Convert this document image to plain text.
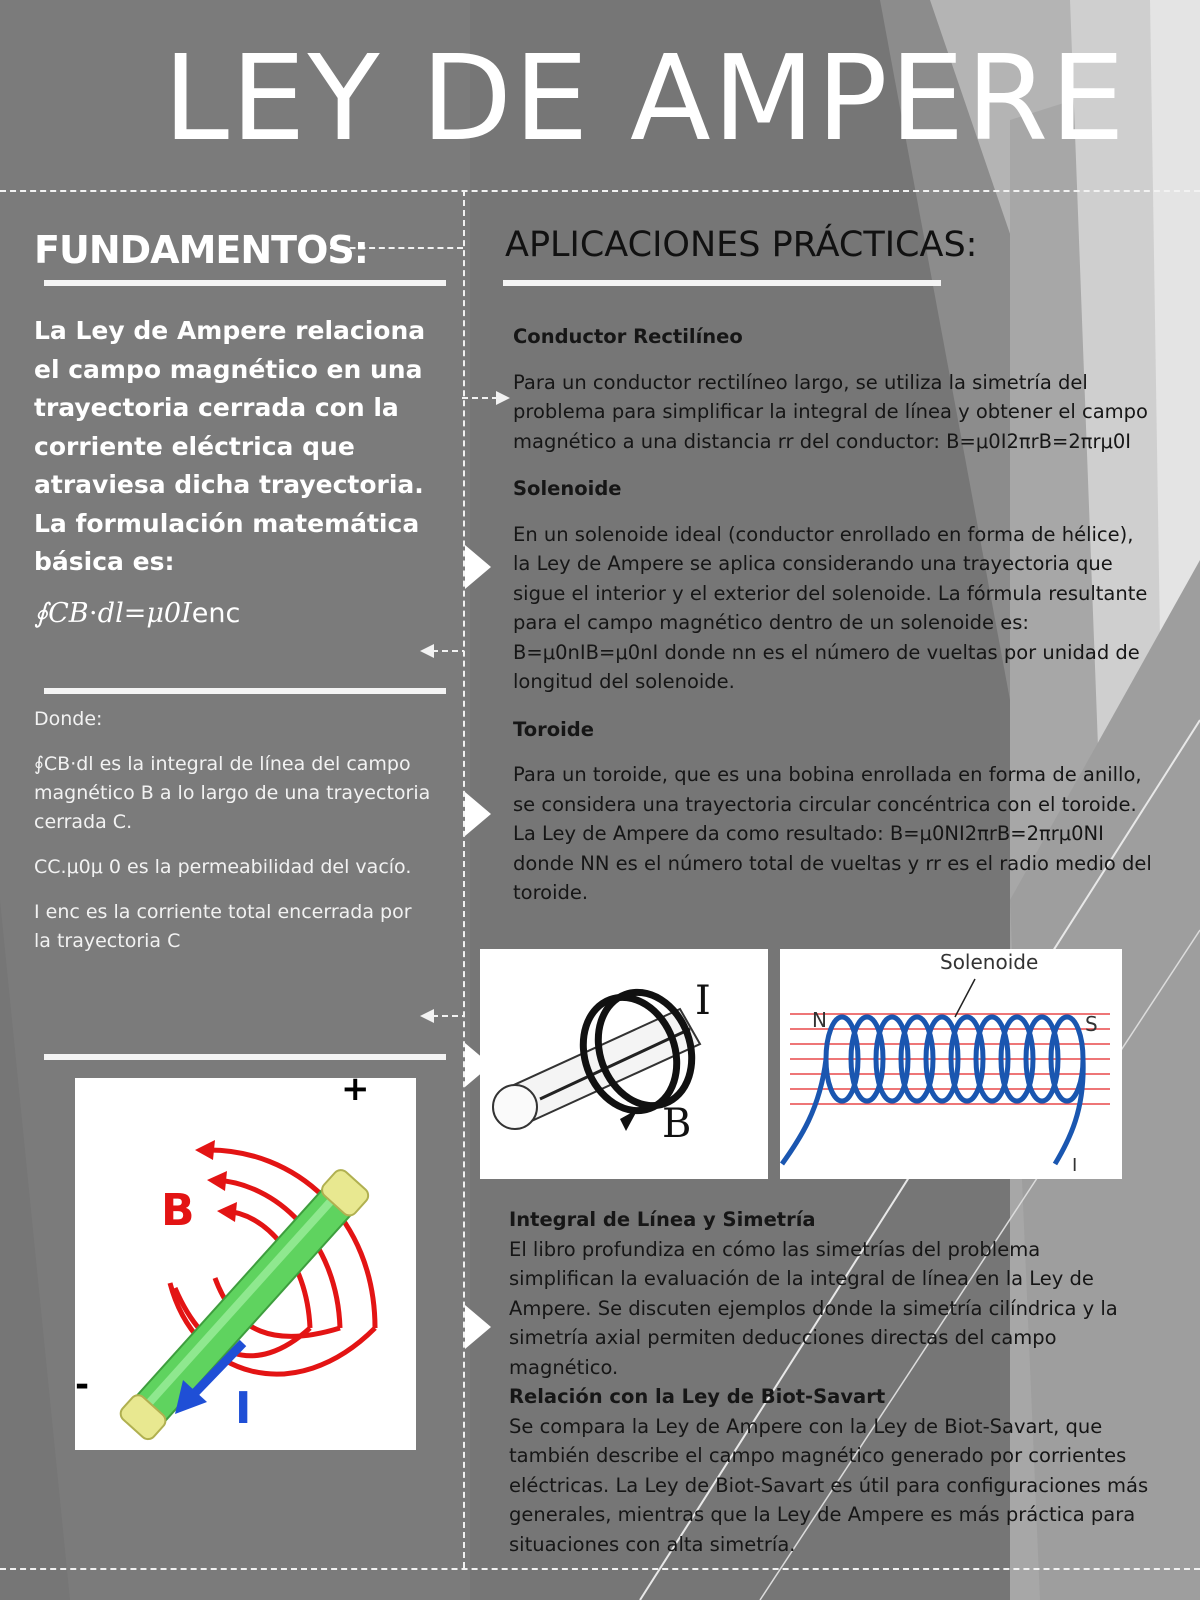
LEY DE AMPERE
FUNDAMENTOS:
La Ley de Ampere relaciona el campo magnético en una trayectoria cerrada con la corriente eléctrica que atraviesa dicha trayectoria. La formulación matemática básica es:
∮CB⋅dl=μ0Ienc

Donde:

∮CB⋅dl es la integral de línea del campo magnético B a lo largo de una trayectoria cerrada C.

CC.μ0μ 0 es la permeabilidad del vacío.

I enc es la corriente total encerrada por la trayectoria C

+
-
B
I
APLICACIONES PRÁCTICAS:
Conductor Rectilíneo

Para un conductor rectilíneo largo, se utiliza la simetría del problema para simplificar la integral de línea y obtener el campo magnético a una distancia rr del conductor: B=μ0I2πrB=2πrμ0I

Solenoide

En un solenoide ideal (conductor enrollado en forma de hélice), la Ley de Ampere se aplica considerando una trayectoria que sigue el interior y el exterior del solenoide. La fórmula resultante para el campo magnético dentro de un solenoide es: B=μ0nIB=μ0nI donde nn es el número de vueltas por unidad de longitud del solenoide.

Toroide

Para un toroide, que es una bobina enrollada en forma de anillo, se considera una trayectoria circular concéntrica con el toroide. La Ley de Ampere da como resultado: B=μ0NI2πrB=2πrμ0NI donde NN es el número total de vueltas y rr es el radio medio del toroide.

I
B
Solenoide
N	S
I
Integral de Línea y Simetría
El libro profundiza en cómo las simetrías del problema simplifican la evaluación de la integral de línea en la Ley de Ampere. Se discuten ejemplos donde la simetría cilíndrica y la simetría axial permiten deducciones directas del campo magnético.
Relación con la Ley de Biot-Savart
Se compara la Ley de Ampere con la Ley de Biot-Savart, que también describe el campo magnético generado por corrientes eléctricas. La Ley de Biot-Savart es útil para configuraciones más generales, mientras que la Ley de Ampere es más práctica para situaciones con alta simetría.
